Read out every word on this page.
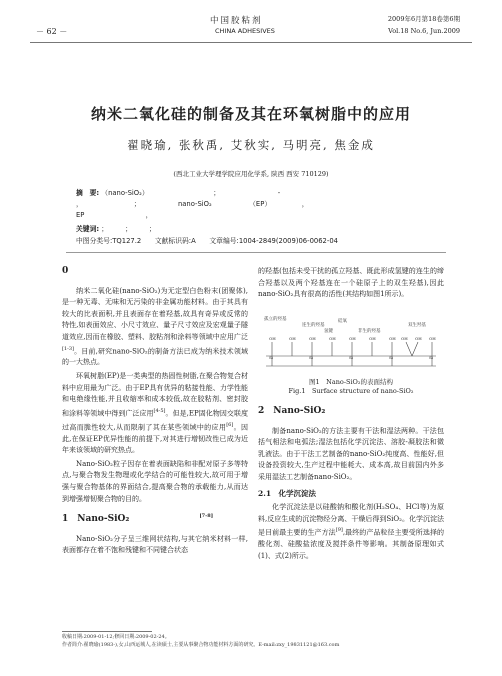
－ 62 －
中国胶粘剂
CHINA ADHESIVES
2009年6月第18卷第6期
Vol.18 No.6, Jun.2009
纳米二氧化硅的制备及其在环氧树脂中的应用
翟晓瑜, 张秋禹, 艾秋实, 马明亮, 焦金成
(西北工业大学理学院应用化学系, 陕西 西安 710129)
摘　要: （nano-SiO₂）　　　　　　　　　　；　　　　　　　　　-
，　　　　　　　　；　　　　　　nano-SiO₂　　　　　　（EP）　　　　　，
EP　　　　　　　　　，
关键词: ；　　　；　　　；
中图分类号:TQ127.2　　文献标识码:A　　文章编号:1004-2849(2009)06-0062-04
0

纳米二氧化硅(nano-SiO₂)为无定型白色粉末(团聚体),是一种无毒、无味和无污染的非金属功能材料。由于其具有较大的比表面积,并且表面存在着羟基,故具有奇异或反常的特性,如表面效应、小尺寸效应、量子尺寸效应及宏观量子隧道效应,因而在橡胶、塑料、胶粘剂和涂料等领域中应用广泛[1-3]。目前,研究nano-SiO₂的制备方法已成为纳米技术领域的一大热点。

环氧树脂(EP)是一类典型的热固性树脂,在聚合物复合材料中应用最为广泛。由于EP具有优异的粘接性能、力学性能和电绝缘性能,并且收缩率和成本较低,故在胶粘剂、密封胶和涂料等领域中得到广泛应用[4-5]。但是,EP固化物因交联度过高而脆性较大,从而限制了其在某些领域中的应用[6]。因此,在保证EP优异性能的前提下,对其进行增韧改性已成为近年来该领域的研究热点。

Nano-SiO₂粒子因存在着表面缺陷和非配对原子多等特点,与聚合物发生物理或化学结合的可能性较大,故可用于增强与聚合物基体的界面结合,提高聚合物的承载能力,从而达到增强增韧聚合物的目的。

1　Nano-SiO₂	[7-8]

Nano-SiO₂分子呈三维网状结构,与其它纳米材料一样,表面都存在着不饱和残键和不同键合状态

的羟基(包括未受干扰的孤立羟基、既此形成氢键的连生的缔合羟基以及两个羟基连在一个硅原子上的双生羟基),因此nano-SiO₂具有很高的活性(其结构如图1所示)。

孤立的羟基
连生的羟基
硅氧
双生羟基
氢键	非生的羟基
OH	OH	OH	OH	OH	OH	OH OH OH OH
Si	Si	Si	Si	Si
图1　Nano-SiO₂的表面结构
Fig.1　Surface structure of nano-SiO₂
2　Nano-SiO₂

制备nano-SiO₂的方法主要有干法和湿法两种。干法包括气相法和电弧法;湿法包括化学沉淀法、溶胶-凝胶法和微乳液法。由于干法工艺制备的nano-SiO₂纯度高、性能好,但设备投资较大,生产过程中能耗大、成本高,故目前国内外多采用湿法工艺制备nano-SiO₂。

2.1　化学沉淀法

化学沉淀法是以硅酸钠和酸化剂(H₂SO₄、HCl等)为原料,反应生成的沉淀物经分离、干燥后得到SiO₂。化学沉淀法是目前最主要的生产方法[9],最终的产品粒径主要受所选择的酸化剂、硅酸盐浓度及搅拌条件等影响。其制备原理如式(1)、式(2)所示。

收稿日期:2009-01-12;修回日期:2009-02-24。
作者简介:翟晓瑜(1983-),女,山西运城人,在读硕士,主要从事聚合物功能材料方面的研究。E-mail:zxy_19831121@163.com
